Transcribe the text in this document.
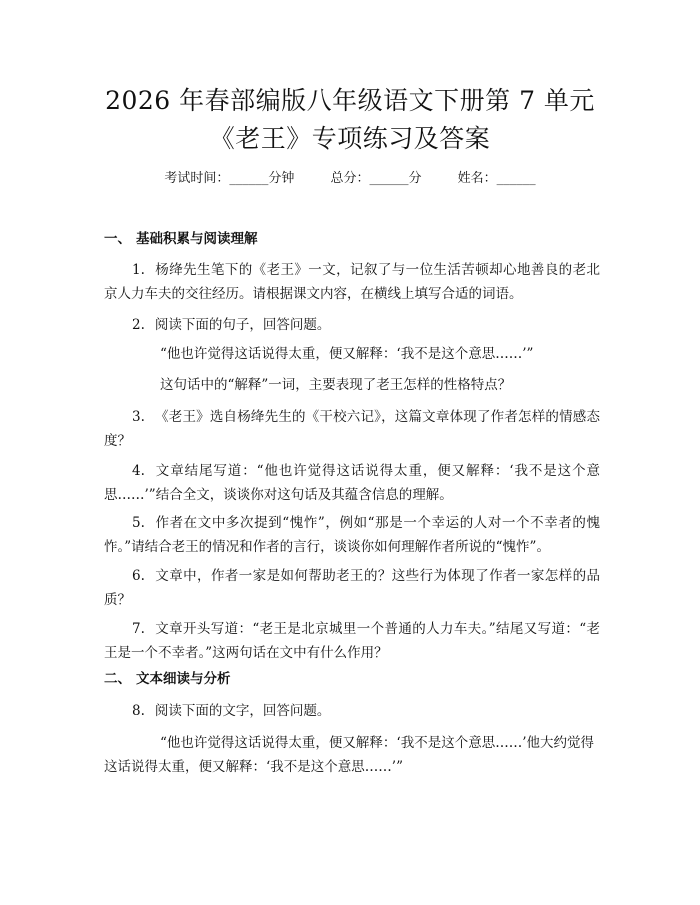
2026 年春部编版八年级语文下册第 7 单元
《老王》专项练习及答案
考试时间：______分钟	总分：______分	姓名：______
一、 基础积累与阅读理解
1. 杨绛先生笔下的《老王》一文，记叙了与一位生活苦顿却心地善良的老北京人力车夫的交往经历。请根据课文内容，在横线上填写合适的词语。
2. 阅读下面的句子，回答问题。
“他也许觉得这话说得太重，便又解释：‘我不是这个意思……’”
这句话中的“解释”一词，主要表现了老王怎样的性格特点？
3. 《老王》选自杨绛先生的《干校六记》，这篇文章体现了作者怎样的情感态度？
4. 文章结尾写道：“他也许觉得这话说得太重，便又解释：‘我不是这个意思……’”结合全文，谈谈你对这句话及其蕴含信息的理解。
5. 作者在文中多次提到“愧怍”，例如“那是一个幸运的人对一个不幸者的愧怍。”请结合老王的情况和作者的言行，谈谈你如何理解作者所说的“愧怍”。
6. 文章中，作者一家是如何帮助老王的？这些行为体现了作者一家怎样的品质？
7. 文章开头写道：“老王是北京城里一个普通的人力车夫。”结尾又写道：“老王是一个不幸者。”这两句话在文中有什么作用？
二、 文本细读与分析
8. 阅读下面的文字，回答问题。
“他也许觉得这话说得太重，便又解释：‘我不是这个意思……’他大约觉得这话说得太重，便又解释：‘我不是这个意思……’”
